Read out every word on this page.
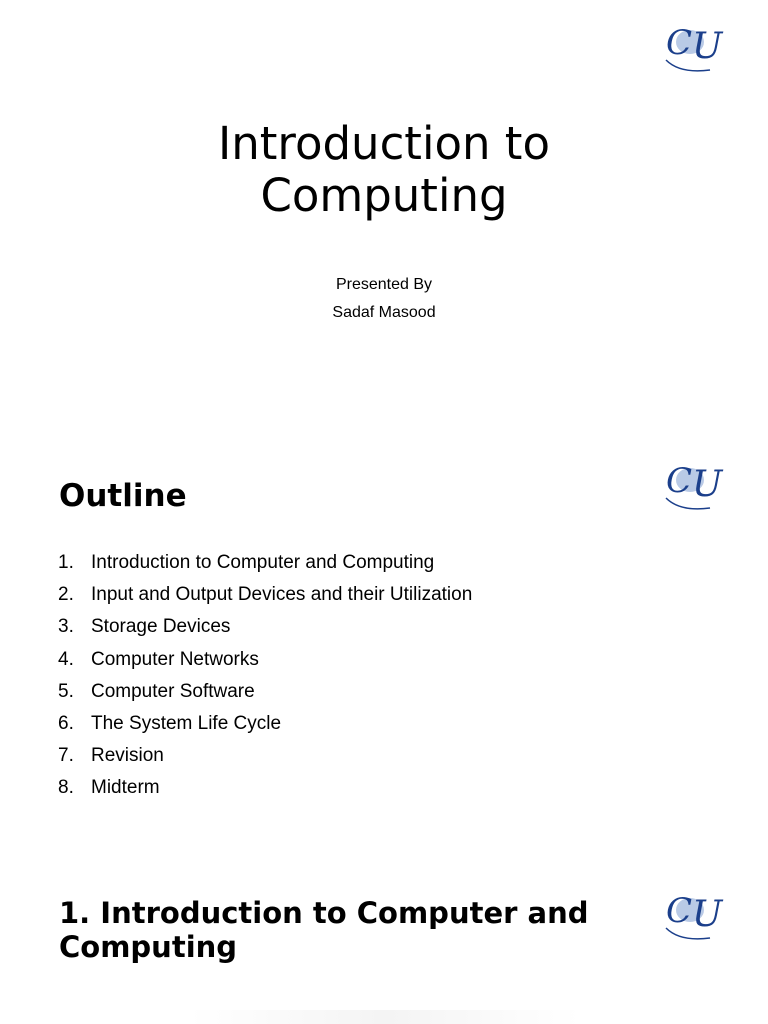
C U
Introduction to
Computing
Presented By
Sadaf Masood
C U
Outline
1. Introduction to Computer and Computing
2. Input and Output Devices and their Utilization
3. Storage Devices
4. Computer Networks
5. Computer Software
6. The System Life Cycle
7. Revision
8. Midterm
C U
1. Introduction to Computer and
Computing
